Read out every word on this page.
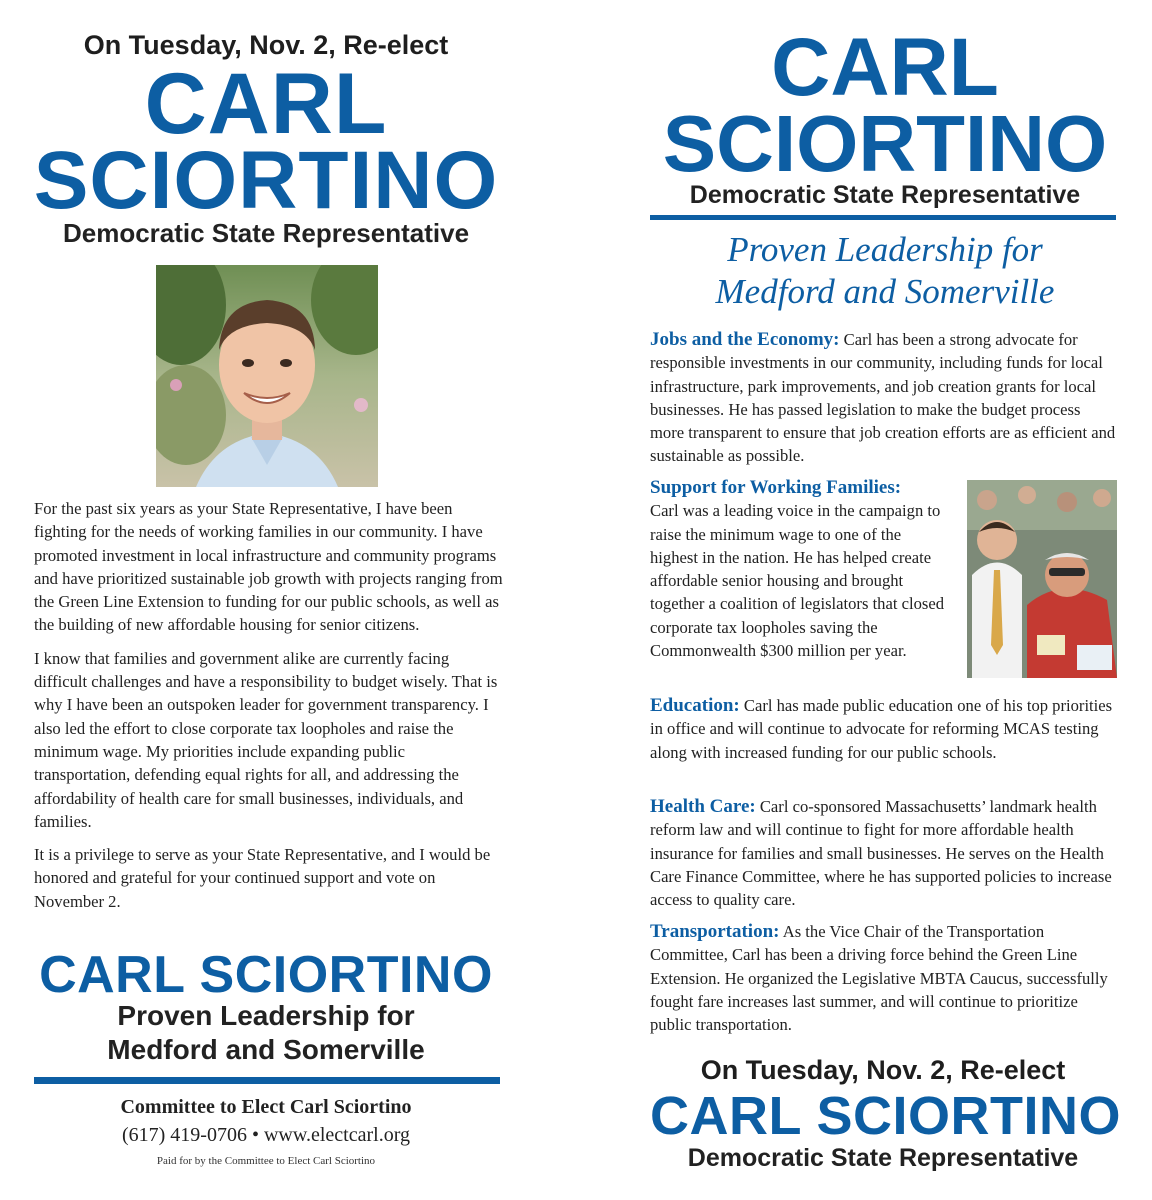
On Tuesday, Nov. 2, Re-elect
CARL
SCIORTINO
Democratic State Representative

For the past six years as your State Representative, I have been fighting for the needs of working families in our community. I have promoted investment in local infrastructure and community programs and have prioritized sustainable job growth with projects ranging from the Green Line Extension to funding for our public schools, as well as the building of new affordable housing for senior citizens.

I know that families and government alike are currently facing difficult challenges and have a responsibility to budget wisely. That is why I have been an outspoken leader for government transparency. I also led the effort to close corporate tax loopholes and raise the minimum wage. My priorities include expanding public transportation, defending equal rights for all, and addressing the affordability of health care for small businesses, individuals, and families.

It is a privilege to serve as your State Representative, and I would be honored and grateful for your continued support and vote on November 2.

CARL SCIORTINO
Proven Leadership for
Medford and Somerville
Committee to Elect Carl Sciortino
(617) 419-0706 • www.electcarl.org
Paid for by the Committee to Elect Carl Sciortino
CARL
SCIORTINO
Democratic State Representative
Proven Leadership for
Medford and Somerville
Jobs and the Economy: Carl has been a strong advocate for responsible investments in our community, including funds for local infrastructure, park improvements, and job creation grants for local businesses. He has passed legislation to make the budget process more transparent to ensure that job creation efforts are as efficient and sustainable as possible.
Support for Working Families:
Carl was a leading voice in the campaign to raise the minimum wage to one of the highest in the nation. He has helped create affordable senior housing and brought together a coalition of legislators that closed corporate tax loopholes saving the Commonwealth $300 million per year.
Education: Carl has made public education one of his top priorities in office and will continue to advocate for reforming MCAS testing along with increased funding for our public schools.
Health Care: Carl co-sponsored Massachusetts’ landmark health reform law and will continue to fight for more affordable health insurance for families and small businesses. He serves on the Health Care Finance Committee, where he has supported policies to increase access to quality care.
Transportation: As the Vice Chair of the Transportation Committee, Carl has been a driving force behind the Green Line Extension. He organized the Legislative MBTA Caucus, successfully fought fare increases last summer, and will continue to prioritize public transportation.
On Tuesday, Nov. 2, Re-elect
CARL SCIORTINO
Democratic State Representative
